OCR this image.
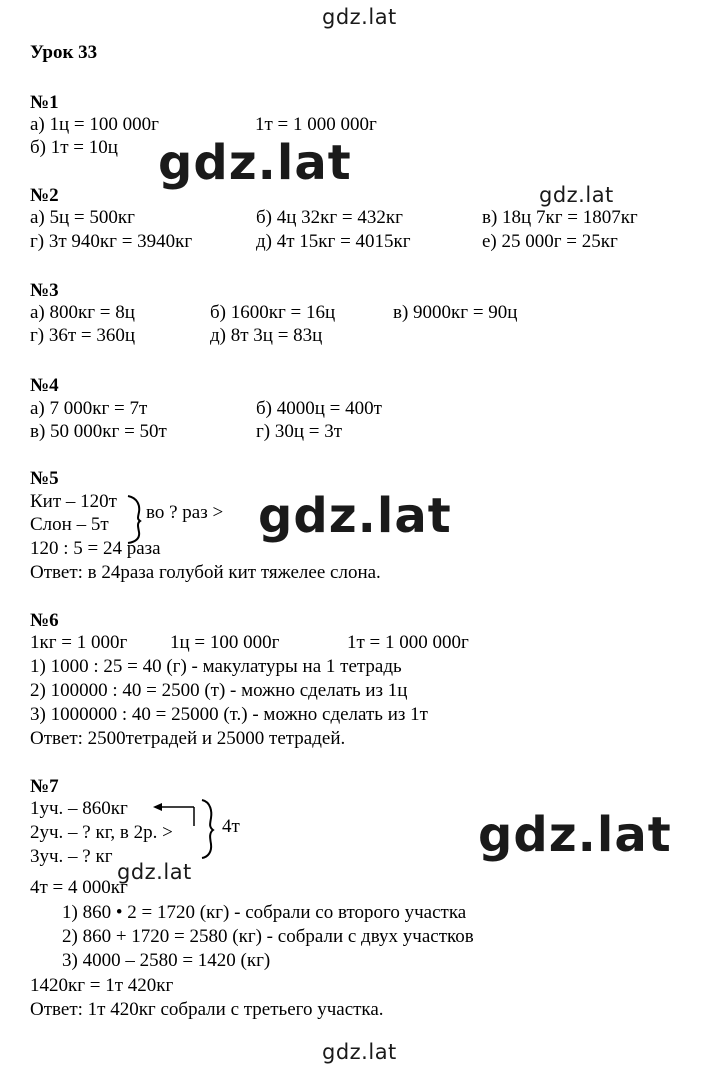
gdz.lat
gdz.lat
gdz.lat
gdz.lat
gdz.lat
gdz.lat
gdz.lat
Урок 33
№1
а) 1ц = 100 000г	1т = 1 000 000г
б) 1т = 10ц
№2
а) 5ц = 500кг	б) 4ц 32кг = 432кг	в) 18ц 7кг = 1807кг
г) 3т 940кг = 3940кг	д) 4т 15кг = 4015кг	е) 25 000г = 25кг
№3
а) 800кг = 8ц	б) 1600кг = 16ц	в) 9000кг = 90ц
г) 36т = 360ц	д) 8т 3ц = 83ц
№4
а) 7 000кг = 7т	б) 4000ц = 400т
в) 50 000кг = 50т	г) 30ц = 3т
№5
Кит – 120т
Слон – 5т
во ? раз >
120 : 5 = 24 раза
Ответ: в 24раза голубой кит тяжелее слона.
№6
1кг = 1 000г 1ц = 100 000г	1т = 1 000 000г
1) 1000 : 25 = 40 (г) - макулатуры на 1 тетрадь
2) 100000 : 40 = 2500 (т) - можно сделать из 1ц
3) 1000000 : 40 = 25000 (т.) - можно сделать из 1т
Ответ: 2500тетрадей и 25000 тетрадей.
№7
1уч. – 860кг
2уч. – ? кг, в 2р. >
3уч. – ? кг
4т
4т = 4 000кг
1) 860 • 2 = 1720 (кг) - собрали со второго участка
2) 860 + 1720 = 2580 (кг) - собрали с двух участков
3) 4000 – 2580 = 1420 (кг)
1420кг = 1т 420кг
Ответ: 1т 420кг собрали с третьего участка.
